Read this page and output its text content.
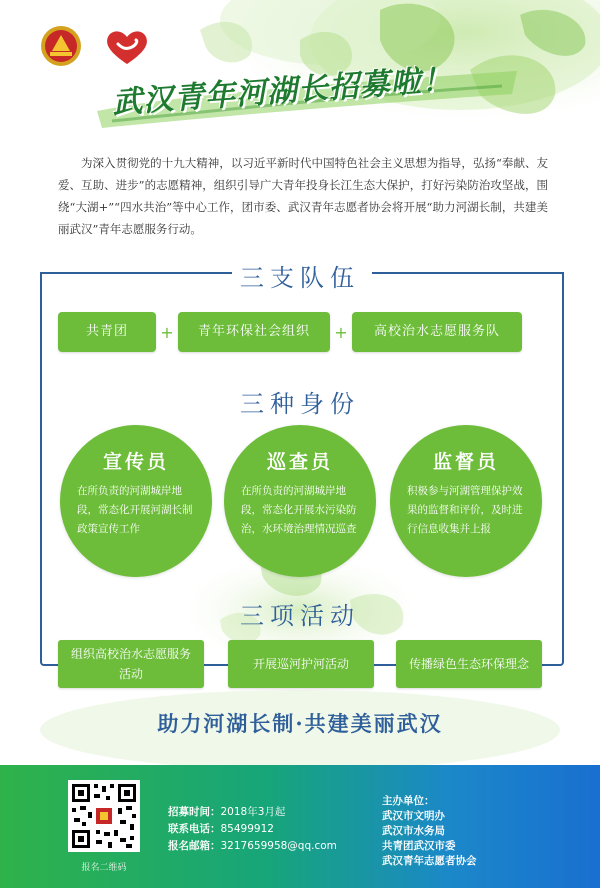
武汉青年河湖长招募啦！
为深入贯彻党的十九大精神，以习近平新时代中国特色社会主义思想为指导，弘扬“奉献、友爱、互助、进步”的志愿精神，组织引导广大青年投身长江生态大保护，打好污染防治攻坚战，围绕“大湖+”“四水共治”等中心工作，团市委、武汉青年志愿者协会将开展“助力河湖长制，共建美丽武汉”青年志愿服务行动。
三支队伍
共青团	+	青年环保社会组织	+	高校治水志愿服务队
三种身份
宣传员
在所负责的河湖城岸地段，常态化开展河湖长制政策宣传工作
巡查员
在所负责的河湖城岸地段，常态化开展水污染防治，水环境治理情况巡查
监督员
积极参与河湖管理保护效果的监督和评价，及时进行信息收集并上报
三项活动
组织高校治水志愿服务活动
开展巡河护河活动	传播绿色生态环保理念
助力河湖长制·共建美丽武汉
报名二维码
招募时间：2018年3月起
联系电话：85499912
报名邮箱：3217659958@qq.com
主办单位：
武汉市文明办
武汉市水务局
共青团武汉市委
武汉青年志愿者协会
